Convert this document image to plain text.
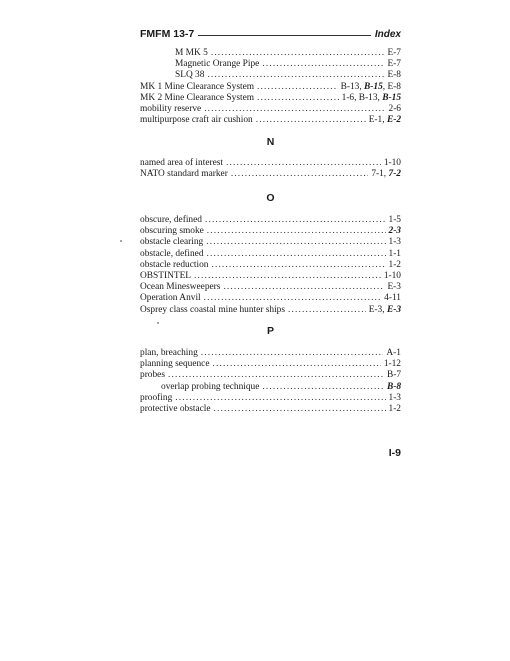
FMFM 13-7	Index
M MK 5 . . .	E-7
Magnetic Orange Pipe . . .	E-7
SLQ 38 . . .	E-8
MK 1 Mine Clearance System . . .	B-13, B-15, E-8
MK 2 Mine Clearance System . . .	1-6, B-13, B-15
mobility reserve . . .	2-6
multipurpose craft air cushion . . .	E-1, E-2
N
named area of interest . . .	1-10
NATO standard marker . . .	7-1, 7-2
O
obscure, defined . . .	1-5
obscuring smoke . . .	2-3
obstacle clearing . . .	1-3
obstacle, defined . . .	1-1
obstacle reduction . . .	1-2
OBSTINTEL . . .	1-10
Ocean Minesweepers . . .	E-3
Operation Anvil . . .	4-11
Osprey class coastal mine hunter ships . . .	E-3, E-3
P
plan, breaching . . .	A-1
planning sequence . . .	1-12
probes . . .	B-7
overlap probing technique . . .	B-8
proofing . . .	1-3
protective obstacle . . .	1-2
I-9
